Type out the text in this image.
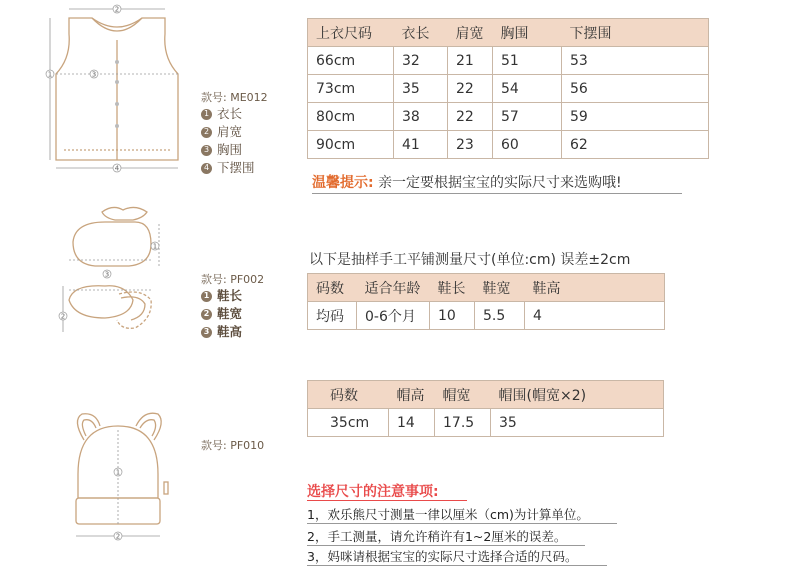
2
1	3
4
款号: ME012
1 衣长
2 肩宽
3 胸围
4 下摆围
上衣尺码	衣长	肩宽	胸围	下摆围
66cm	32	21	51	53
73cm	35	22	54	56
80cm	38	22	57	59
90cm	41	23	60	62
温馨提示: 亲一定要根据宝宝的实际尺寸来选购哦!
1
3
2
款号: PF002
1 鞋长
2 鞋宽
3 鞋高
以下是抽样手工平铺测量尺寸(单位:cm) 误差±2cm
码数	适合年龄	鞋长	鞋宽	鞋高
均码	0-6个月	10	5.5	4
1
2
款号: PF010
码数	帽高	帽宽	帽围(帽宽×2)
35cm	14	17.5	35
选择尺寸的注意事项:
1，欢乐熊尺寸测量一律以厘米（cm)为计算单位。
2，手工测量，请允许稍许有1~2厘米的误差。
3，妈咪请根据宝宝的实际尺寸选择合适的尺码。
